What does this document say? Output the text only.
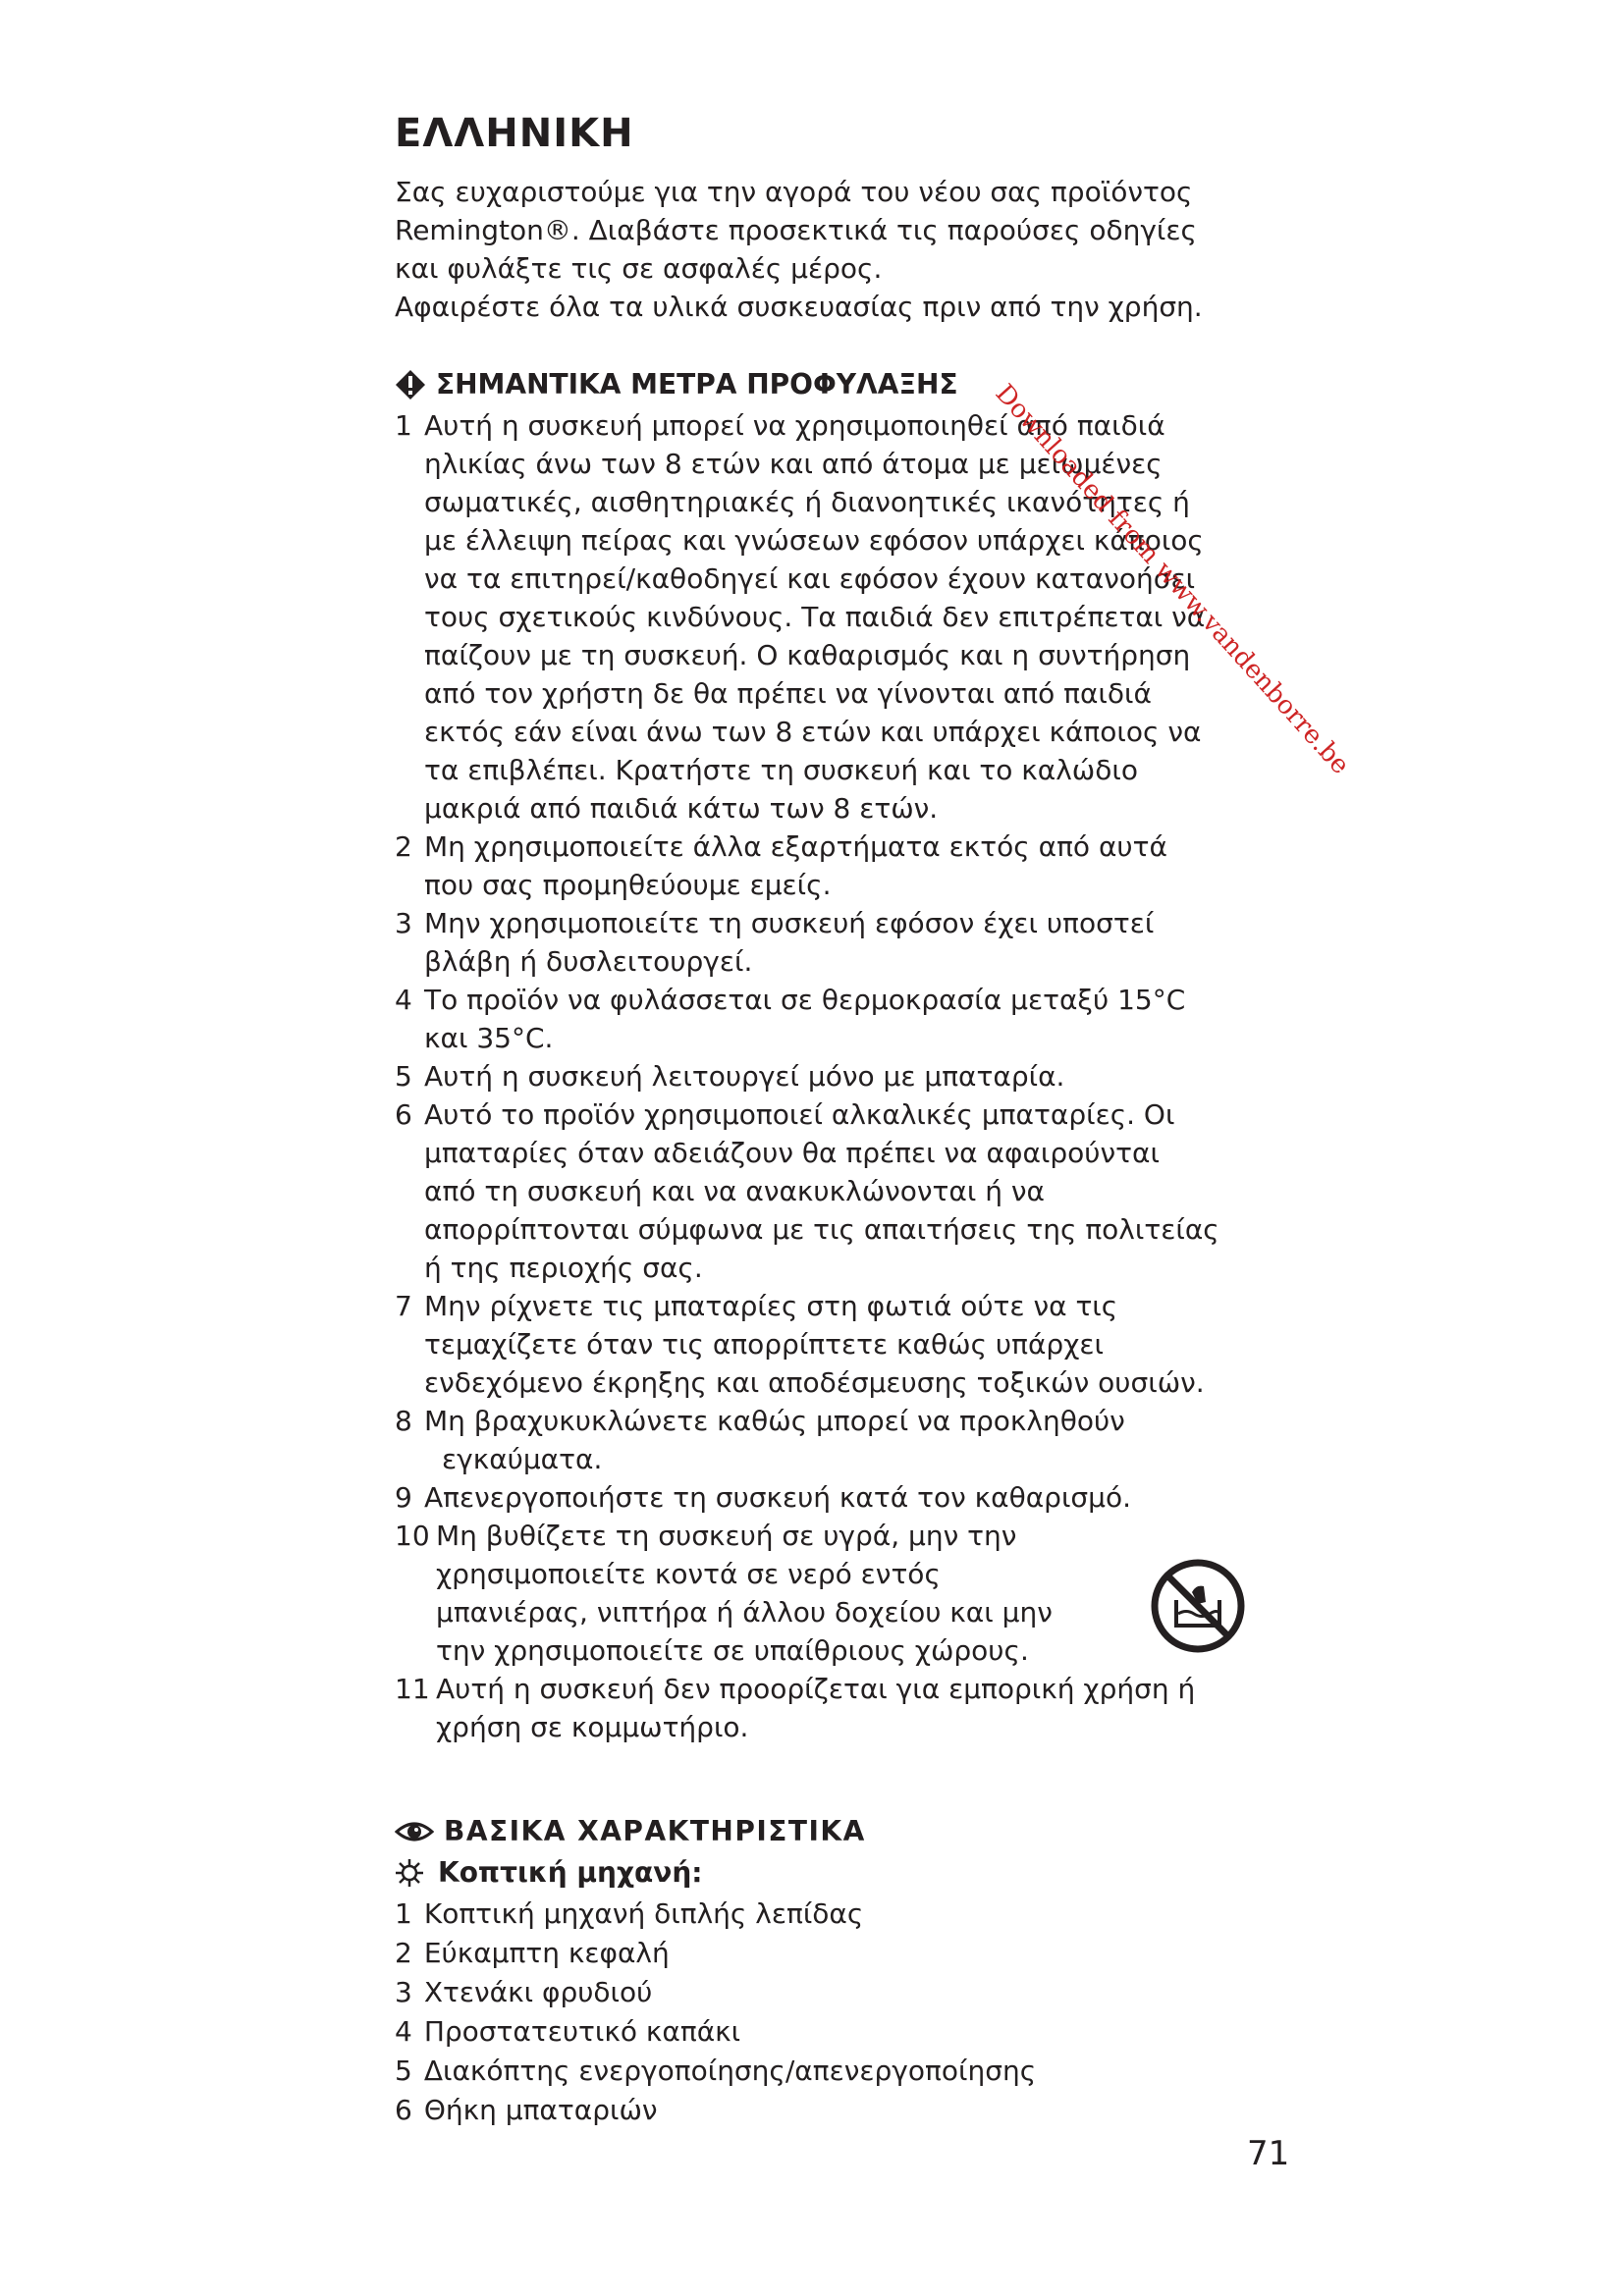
ΕΛΛΗΝΙΚΗ

Σας ευχαριστούμε για την αγορά του νέου σας προϊόντος Remington®. Διαβάστε προσεκτικά τις παρούσες οδηγίες και φυλάξτε τις σε ασφαλές μέρος.

Αφαιρέστε όλα τα υλικά συσκευασίας πριν από την χρήση.

ΣΗΜΑΝΤΙΚΑ ΜΕΤΡΑ ΠΡΟΦΥΛΑΞΗΣ
1 Αυτή η συσκευή μπορεί να χρησιμοποιηθεί από παιδιά ηλικίας άνω των 8 ετών και από άτομα με μειωμένες σωματικές, αισθητηριακές ή διανοητικές ικανότητες ή με έλλειψη πείρας και γνώσεων εφόσον υπάρχει κάποιος να τα επιτηρεί/καθοδηγεί και εφόσον έχουν κατανοήσει τους σχετικούς κινδύνους. Τα παιδιά δεν επιτρέπεται να παίζουν με τη συσκευή. Ο καθαρισμός και η συντήρηση από τον χρήστη δε θα πρέπει να γίνονται από παιδιά εκτός εάν είναι άνω των 8 ετών και υπάρχει κάποιος να τα επιβλέπει. Κρατήστε τη συσκευή και το καλώδιο μακριά από παιδιά κάτω των 8 ετών.
2 Μη χρησιμοποιείτε άλλα εξαρτήματα εκτός από αυτά που σας προμηθεύουμε εμείς.
3 Μην χρησιμοποιείτε τη συσκευή εφόσον έχει υποστεί βλάβη ή δυσλειτουργεί.
4 Το προϊόν να φυλάσσεται σε θερμοκρασία μεταξύ 15°C και 35°C.
5 Αυτή η συσκευή λειτουργεί μόνο με μπαταρία.
6 Αυτό το προϊόν χρησιμοποιεί αλκαλικές μπαταρίες. Οι μπαταρίες όταν αδειάζουν θα πρέπει να αφαιρούνται από τη συσκευή και να ανακυκλώνονται ή να απορρίπτονται σύμφωνα με τις απαιτήσεις της πολιτείας ή της περιοχής σας.
7 Μην ρίχνετε τις μπαταρίες στη φωτιά ούτε να τις τεμαχίζετε όταν τις απορρίπτετε καθώς υπάρχει ενδεχόμενο έκρηξης και αποδέσμευσης τοξικών ουσιών.
8 Μη βραχυκυκλώνετε καθώς μπορεί να προκληθούν
εγκαύματα.
9 Απενεργοποιήστε τη συσκευή κατά τον καθαρισμό.
10 Μη βυθίζετε τη συσκευή σε υγρά, μην την χρησιμοποιείτε κοντά σε νερό εντός μπανιέρας, νιπτήρα ή άλλου δοχείου και μην την χρησιμοποιείτε σε υπαίθριους χώρους.
11 Αυτή η συσκευή δεν προορίζεται για εμπορική χρήση ή χρήση σε κομμωτήριο.
ΒΑΣΙΚΑ ΧΑΡΑΚΤΗΡΙΣΤΙΚΑ
Κοπτική μηχανή:
1 Κοπτική μηχανή διπλής λεπίδας
2 Εύκαμπτη κεφαλή
3 Χτενάκι φρυδιού
4 Προστατευτικό καπάκι
5 Διακόπτης ενεργοποίησης/απενεργοποίησης
6 Θήκη μπαταριών
71
Downloaded from www.vandenborre.be
